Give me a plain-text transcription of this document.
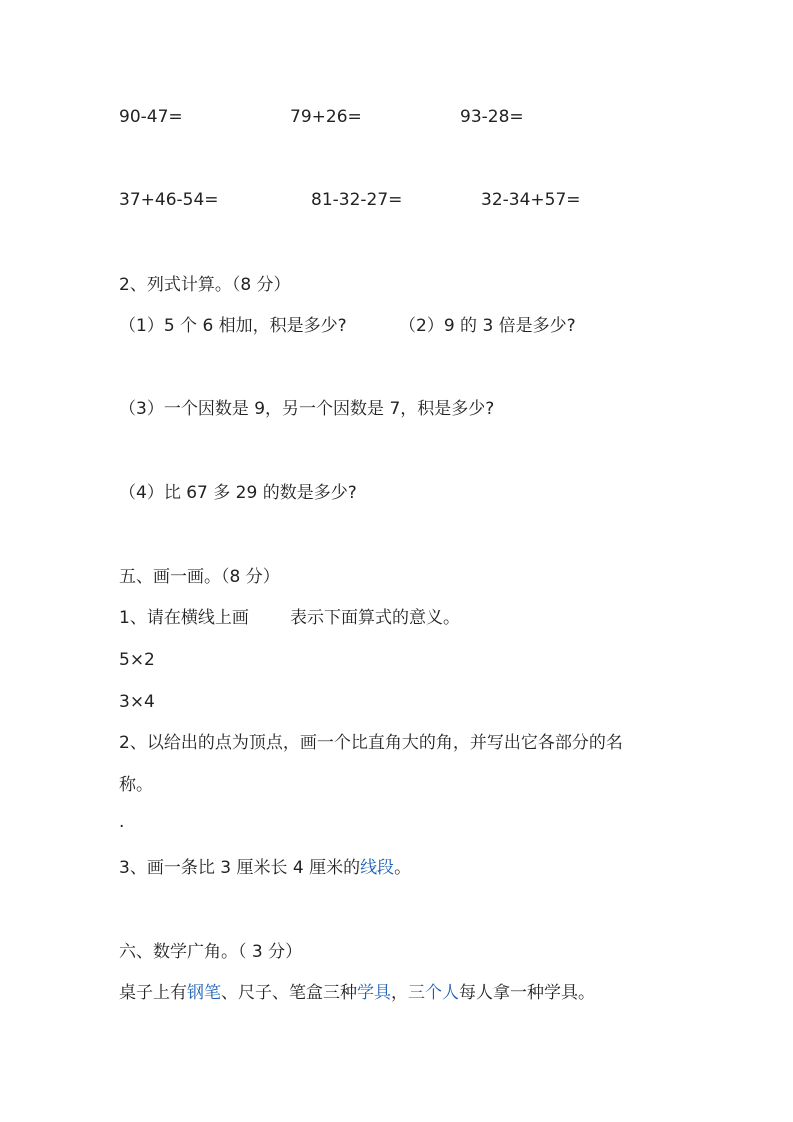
90-47=	79+26=	93-28=
37+46-54=	81-32-27=	32-34+57=
2、列式计算。（8 分）
（1）5 个 6 相加，积是多少?	（2）9 的 3 倍是多少?
（3）一个因数是 9，另一个因数是 7，积是多少?
（4）比 67 多 29 的数是多少?
五、画一画。（8 分）
1、请在横线上画 表示下面算式的意义。
5×2
3×4
2、以给出的点为顶点，画一个比直角大的角，并写出它各部分的名
称。
.
3、画一条比 3 厘米长 4 厘米的线段。
六、数学广角。（ 3 分）
桌子上有钢笔、尺子、笔盒三种学具，三个人每人拿一种学具。
